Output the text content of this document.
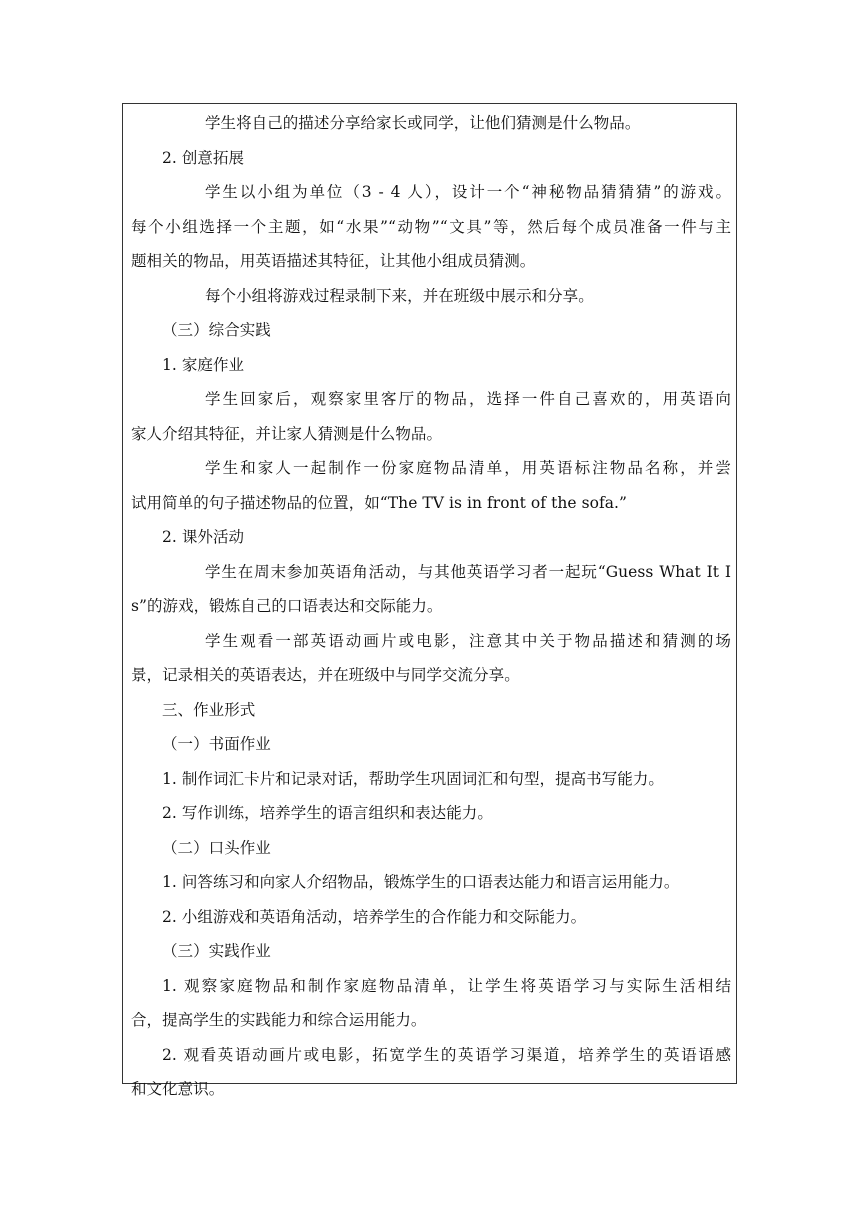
学生将自己的描述分享给家长或同学，让他们猜测是什么物品。
2. 创意拓展
学生以小组为单位（3 - 4 人），设计一个“神秘物品猜猜猜”的游戏。
每个小组选择一个主题，如“水果”“动物”“文具”等，然后每个成员准备一件与主
题相关的物品，用英语描述其特征，让其他小组成员猜测。
每个小组将游戏过程录制下来，并在班级中展示和分享。
（三）综合实践
1. 家庭作业
学生回家后，观察家里客厅的物品，选择一件自己喜欢的，用英语向
家人介绍其特征，并让家人猜测是什么物品。
学生和家人一起制作一份家庭物品清单，用英语标注物品名称，并尝
试用简单的句子描述物品的位置，如“The TV is in front of the sofa.”
2. 课外活动
学生在周末参加英语角活动，与其他英语学习者一起玩“Guess What It I
s”的游戏，锻炼自己的口语表达和交际能力。
学生观看一部英语动画片或电影，注意其中关于物品描述和猜测的场
景，记录相关的英语表达，并在班级中与同学交流分享。
三、作业形式
（一）书面作业
1. 制作词汇卡片和记录对话，帮助学生巩固词汇和句型，提高书写能力。
2. 写作训练，培养学生的语言组织和表达能力。
（二）口头作业
1. 问答练习和向家人介绍物品，锻炼学生的口语表达能力和语言运用能力。
2. 小组游戏和英语角活动，培养学生的合作能力和交际能力。
（三）实践作业
1. 观察家庭物品和制作家庭物品清单，让学生将英语学习与实际生活相结
合，提高学生的实践能力和综合运用能力。
2. 观看英语动画片或电影，拓宽学生的英语学习渠道，培养学生的英语语感
和文化意识。
